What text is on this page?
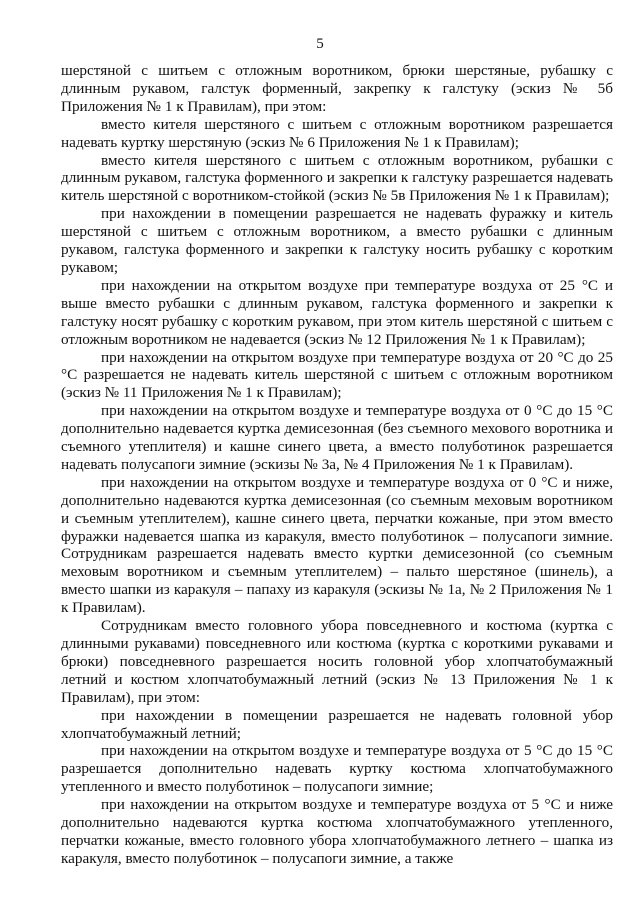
5

шерстяной с шитьем с отложным воротником, брюки шерстяные, рубашку с длинным рукавом, галстук форменный, закрепку к галстуку (эскиз № 5б Приложения № 1 к Правилам), при этом:

вместо кителя шерстяного с шитьем с отложным воротником разрешается надевать куртку шерстяную (эскиз № 6 Приложения № 1 к Правилам);

вместо кителя шерстяного с шитьем с отложным воротником, рубашки с длинным рукавом, галстука форменного и закрепки к галстуку разрешается надевать китель шерстяной с воротником-стойкой (эскиз № 5в Приложения № 1 к Правилам);

при нахождении в помещении разрешается не надевать фуражку и китель шерстяной с шитьем с отложным воротником, а вместо рубашки с длинным рукавом, галстука форменного и закрепки к галстуку носить рубашку с коротким рукавом;

при нахождении на открытом воздухе при температуре воздуха от 25 °С и выше вместо рубашки с длинным рукавом, галстука форменного и закрепки к галстуку носят рубашку с коротким рукавом, при этом китель шерстяной с шитьем с отложным воротником не надевается (эскиз № 12 Приложения № 1 к Правилам);

при нахождении на открытом воздухе при температуре воздуха от 20 °С до 25 °С разрешается не надевать китель шерстяной с шитьем с отложным воротником (эскиз № 11 Приложения № 1 к Правилам);

при нахождении на открытом воздухе и температуре воздуха от 0 °С до 15 °С дополнительно надевается куртка демисезонная (без съемного мехового воротника и съемного утеплителя) и кашне синего цвета, а вместо полуботинок разрешается надевать полусапоги зимние (эскизы № 3а, № 4 Приложения № 1 к Правилам).

при нахождении на открытом воздухе и температуре воздуха от 0 °С и ниже, дополнительно надеваются куртка демисезонная (со съемным меховым воротником и съемным утеплителем), кашне синего цвета, перчатки кожаные, при этом вместо фуражки надевается шапка из каракуля, вместо полуботинок – полусапоги зимние. Сотрудникам разрешается надевать вместо куртки демисезонной (со съемным меховым воротником и съемным утеплителем) – пальто шерстяное (шинель), а вместо шапки из каракуля – папаху из каракуля (эскизы № 1а, № 2 Приложения № 1 к Правилам).

Сотрудникам вместо головного убора повседневного и костюма (куртка с длинными рукавами) повседневного или костюма (куртка с короткими рукавами и брюки) повседневного разрешается носить головной убор хлопчатобумажный летний и костюм хлопчатобумажный летний (эскиз № 13 Приложения № 1 к Правилам), при этом:

при нахождении в помещении разрешается не надевать головной убор хлопчатобумажный летний;

при нахождении на открытом воздухе и температуре воздуха от 5 °С до 15 °С разрешается дополнительно надевать куртку костюма хлопчатобумажного утепленного и вместо полуботинок – полусапоги зимние;

при нахождении на открытом воздухе и температуре воздуха от 5 °С и ниже дополнительно надеваются куртка костюма хлопчатобумажного утепленного, перчатки кожаные, вместо головного убора хлопчатобумажного летнего – шапка из каракуля, вместо полуботинок – полусапоги зимние, а также
